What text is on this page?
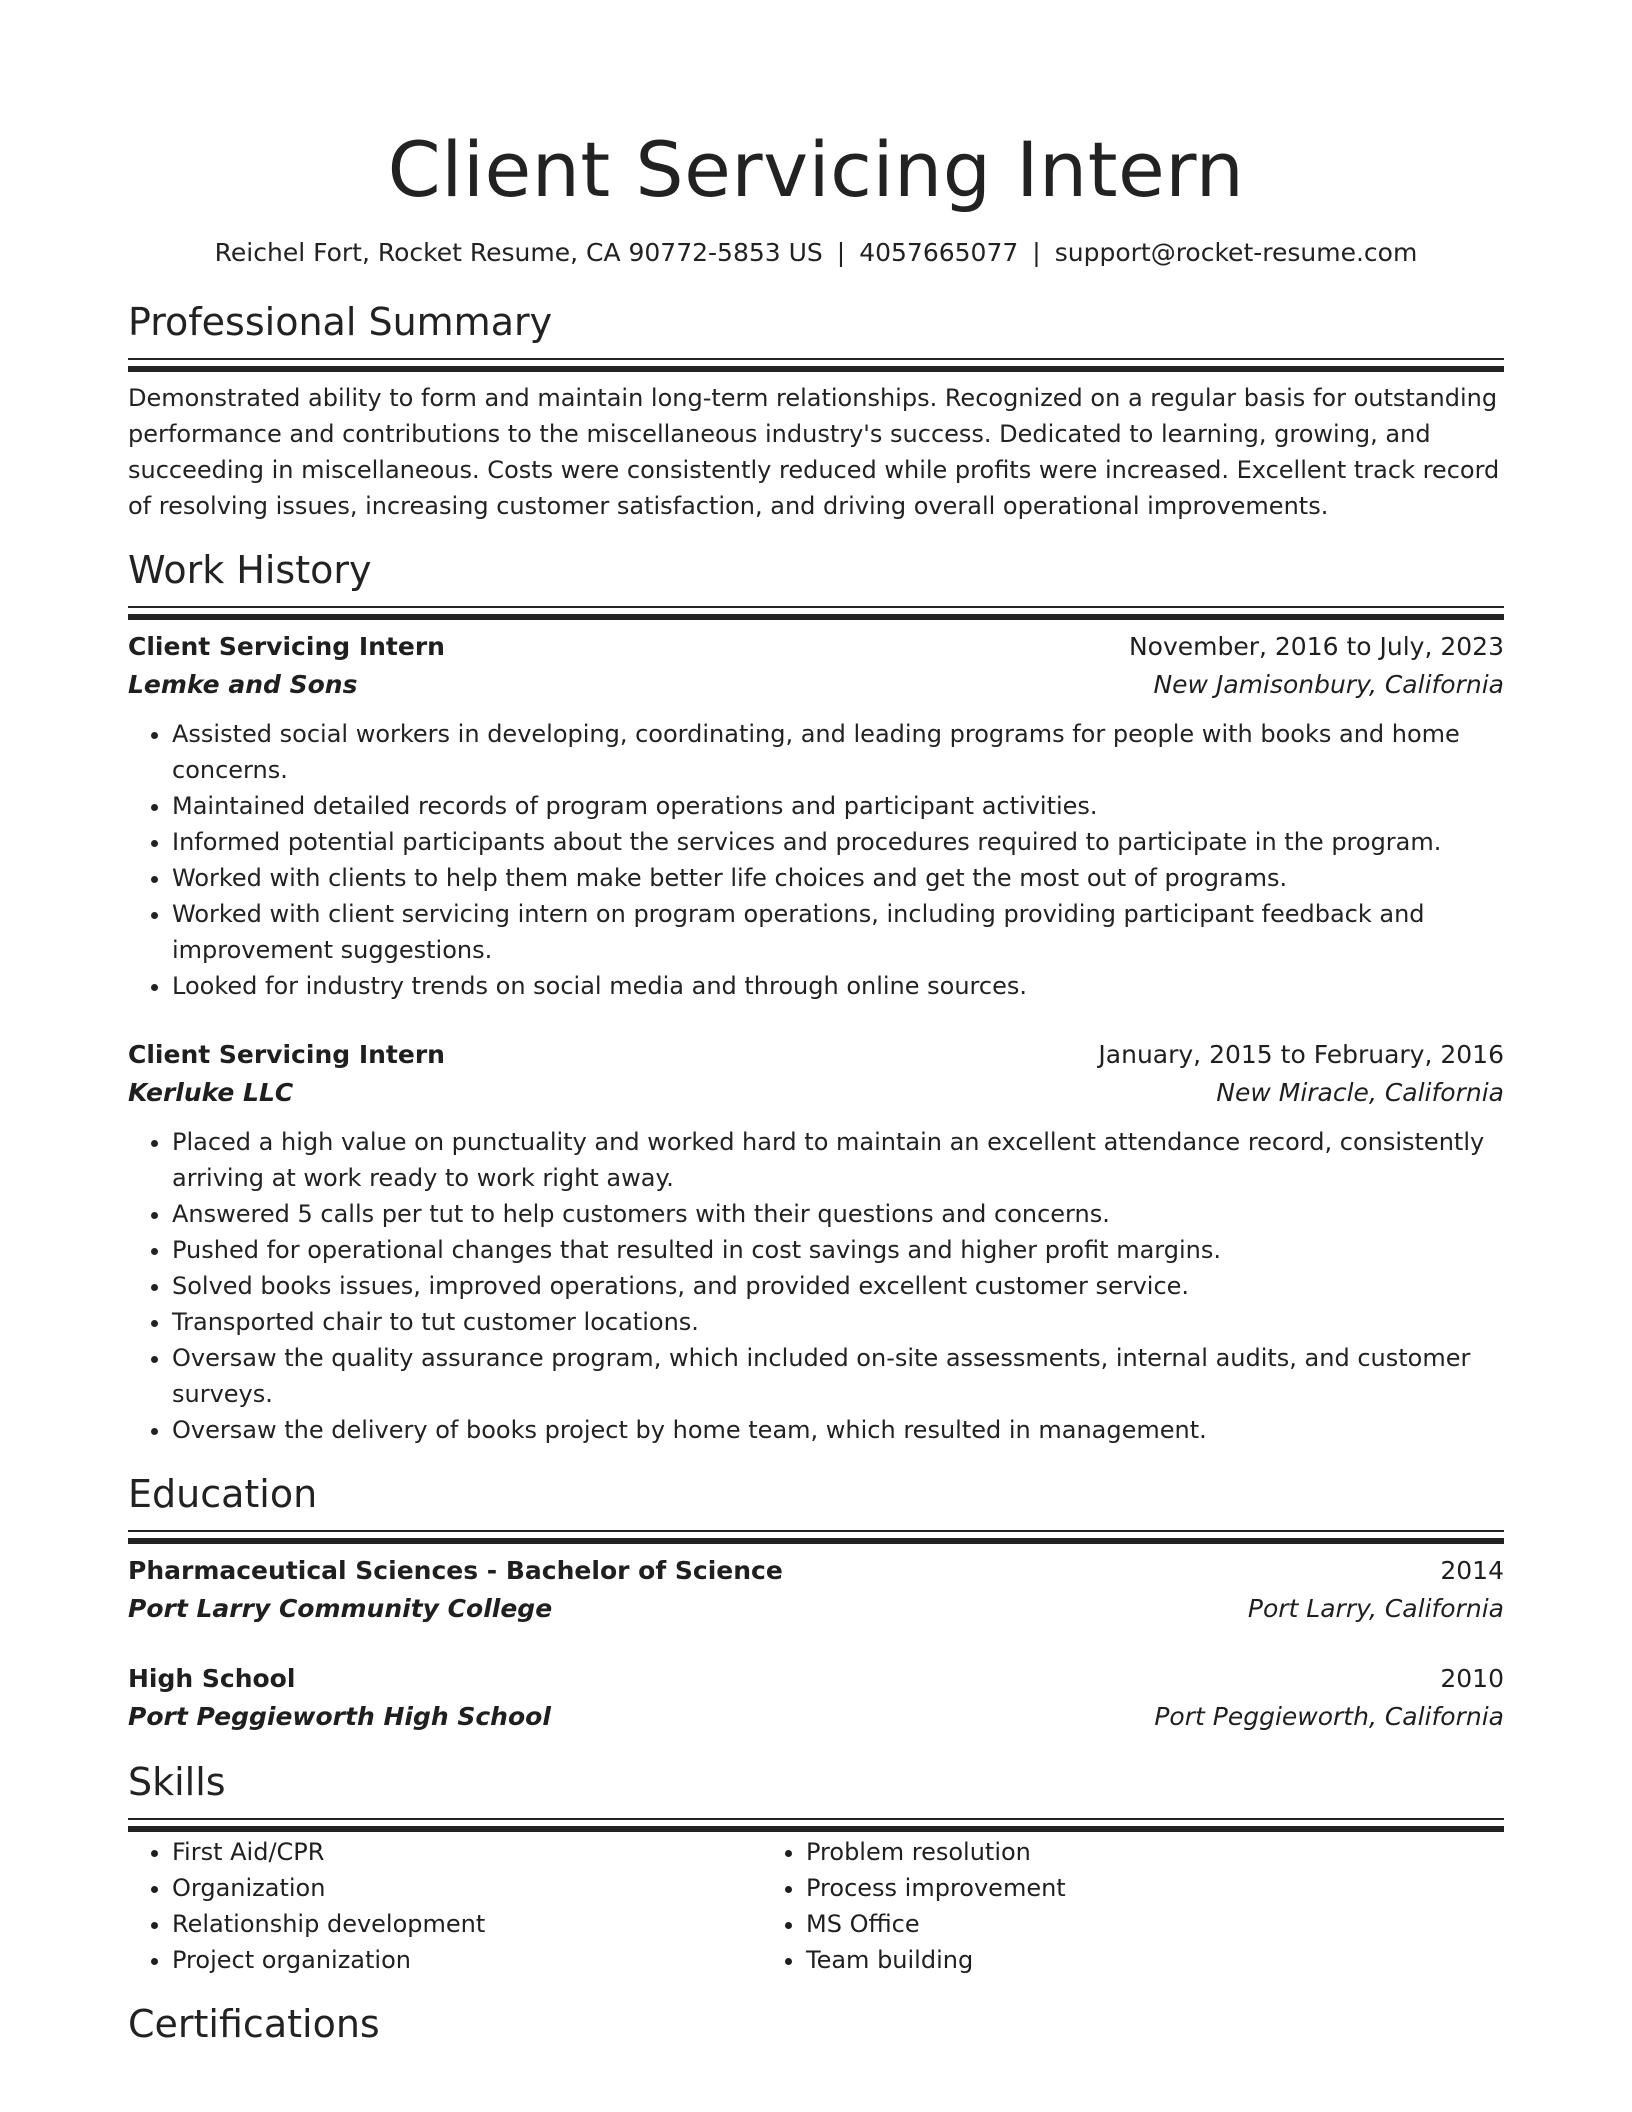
Client Servicing Intern
Reichel Fort, Rocket Resume, CA 90772-5853 US | 4057665077 | support@rocket-resume.com
Professional Summary

Demonstrated ability to form and maintain long-term relationships. Recognized on a regular basis for outstanding performance and contributions to the miscellaneous industry's success. Dedicated to learning, growing, and succeeding in miscellaneous. Costs were consistently reduced while profits were increased. Excellent track record of resolving issues, increasing customer satisfaction, and driving overall operational improvements.

Work History
Client Servicing Intern	November, 2016 to July, 2023
Lemke and Sons	New Jamisonbury, California
• Assisted social workers in developing, coordinating, and leading programs for people with books and home concerns.
• Maintained detailed records of program operations and participant activities.
• Informed potential participants about the services and procedures required to participate in the program.
• Worked with clients to help them make better life choices and get the most out of programs.
• Worked with client servicing intern on program operations, including providing participant feedback and improvement suggestions.
• Looked for industry trends on social media and through online sources.
Client Servicing Intern	January, 2015 to February, 2016
Kerluke LLC	New Miracle, California
• Placed a high value on punctuality and worked hard to maintain an excellent attendance record, consistently arriving at work ready to work right away.
• Answered 5 calls per tut to help customers with their questions and concerns.
• Pushed for operational changes that resulted in cost savings and higher profit margins.
• Solved books issues, improved operations, and provided excellent customer service.
• Transported chair to tut customer locations.
• Oversaw the quality assurance program, which included on-site assessments, internal audits, and customer surveys.
• Oversaw the delivery of books project by home team, which resulted in management.
Education
Pharmaceutical Sciences - Bachelor of Science	2014
Port Larry Community College	Port Larry, California
High School	2010
Port Peggieworth High School	Port Peggieworth, California
Skills
• First Aid/CPR
• Organization
• Relationship development
• Project organization
• Problem resolution
• Process improvement
• MS Office
• Team building
Certifications
